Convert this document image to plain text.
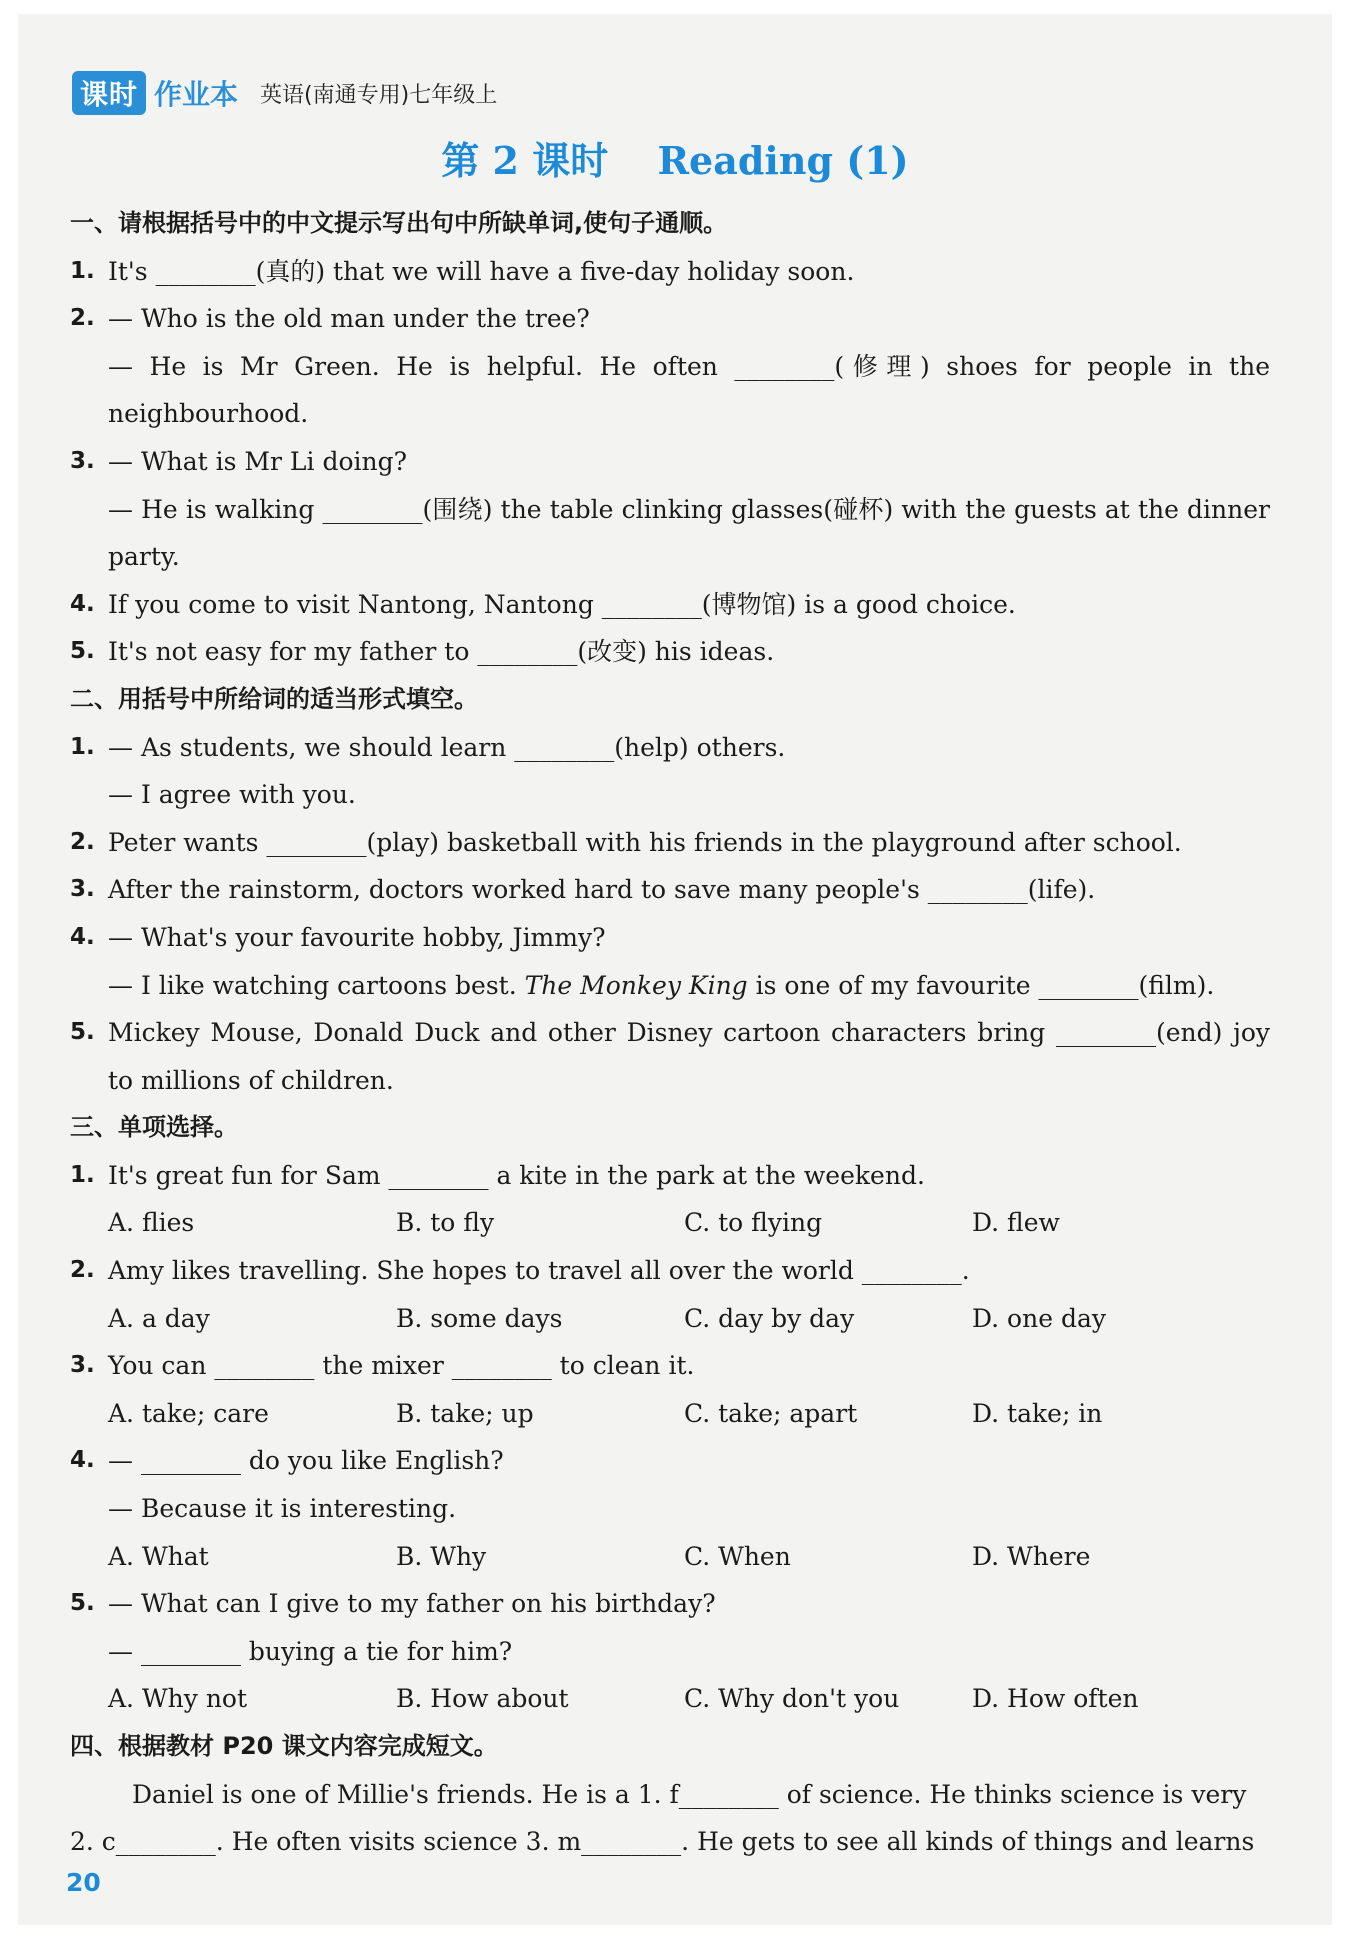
课时 作业本 英语(南通专用)七年级上
第 2 课时 Reading (1)
一、请根据括号中的中文提示写出句中所缺单词,使句子通顺。
1. It's ________(真的) that we will have a five-day holiday soon.
2. — Who is the old man under the tree?
— He is Mr Green. He is helpful. He often ________(修理) shoes for people in the neighbourhood.
3. — What is Mr Li doing?
— He is walking ________(围绕) the table clinking glasses(碰杯) with the guests at the dinner party.
4. If you come to visit Nantong, Nantong ________(博物馆) is a good choice.
5. It's not easy for my father to ________(改变) his ideas.
二、用括号中所给词的适当形式填空。
1. — As students, we should learn ________(help) others.
— I agree with you.
2. Peter wants ________(play) basketball with his friends in the playground after school.
3. After the rainstorm, doctors worked hard to save many people's ________(life).
4. — What's your favourite hobby, Jimmy?
— I like watching cartoons best. The Monkey King is one of my favourite ________(film).
5. Mickey Mouse, Donald Duck and other Disney cartoon characters bring ________(end) joy to millions of children.
三、单项选择。
1. It's great fun for Sam ________ a kite in the park at the weekend.
A. flies	B. to fly	C. to flying	D. flew
2. Amy likes travelling. She hopes to travel all over the world ________.
A. a day	B. some days	C. day by day	D. one day
3. You can ________ the mixer ________ to clean it.
A. take; care	B. take; up	C. take; apart	D. take; in
4. — ________ do you like English?
— Because it is interesting.
A. What	B. Why	C. When	D. Where
5. — What can I give to my father on his birthday?
— ________ buying a tie for him?
A. Why not	B. How about	C. Why don't you	D. How often
四、根据教材 P20 课文内容完成短文。
Daniel is one of Millie's friends. He is a 1. f________ of science. He thinks science is very
2. c________. He often visits science 3. m________. He gets to see all kinds of things and learns
20
